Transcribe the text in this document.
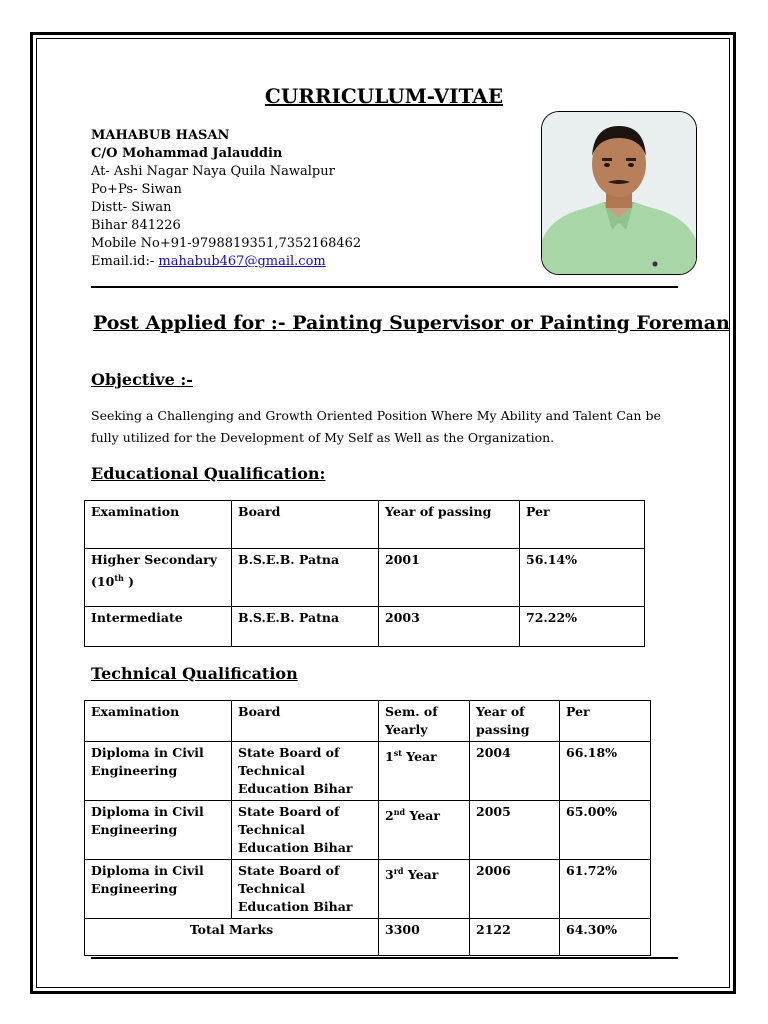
CURRICULUM-VITAE
MAHABUB HASAN
C/O Mohammad Jalauddin
At- Ashi Nagar Naya Quila Nawalpur
Po+Ps- Siwan
Distt- Siwan
Bihar 841226
Mobile No+91-9798819351,7352168462
Email.id:- mahabub467@gmail.com
Post Applied for :- Painting Supervisor or Painting Foreman
Objective :-
Seeking a Challenging and Growth Oriented Position Where My Ability and Talent Can be fully utilized for the Development of My Self as Well as the Organization.
Educational Qualification:
Examination	Board	Year of passing	Per
Higher Secondary (10th )	B.S.E.B. Patna	2001	56.14%
Intermediate	B.S.E.B. Patna	2003	72.22%
Technical Qualification
Examination	Board	Sem. of Yearly	Year of passing	Per
Diploma in Civil Engineering	State Board of Technical Education Bihar	1st Year	2004	66.18%
Diploma in Civil Engineering	State Board of Technical Education Bihar	2nd Year	2005	65.00%
Diploma in Civil Engineering	State Board of Technical Education Bihar	3rd Year	2006	61.72%
Total Marks		3300	2122	64.30%
